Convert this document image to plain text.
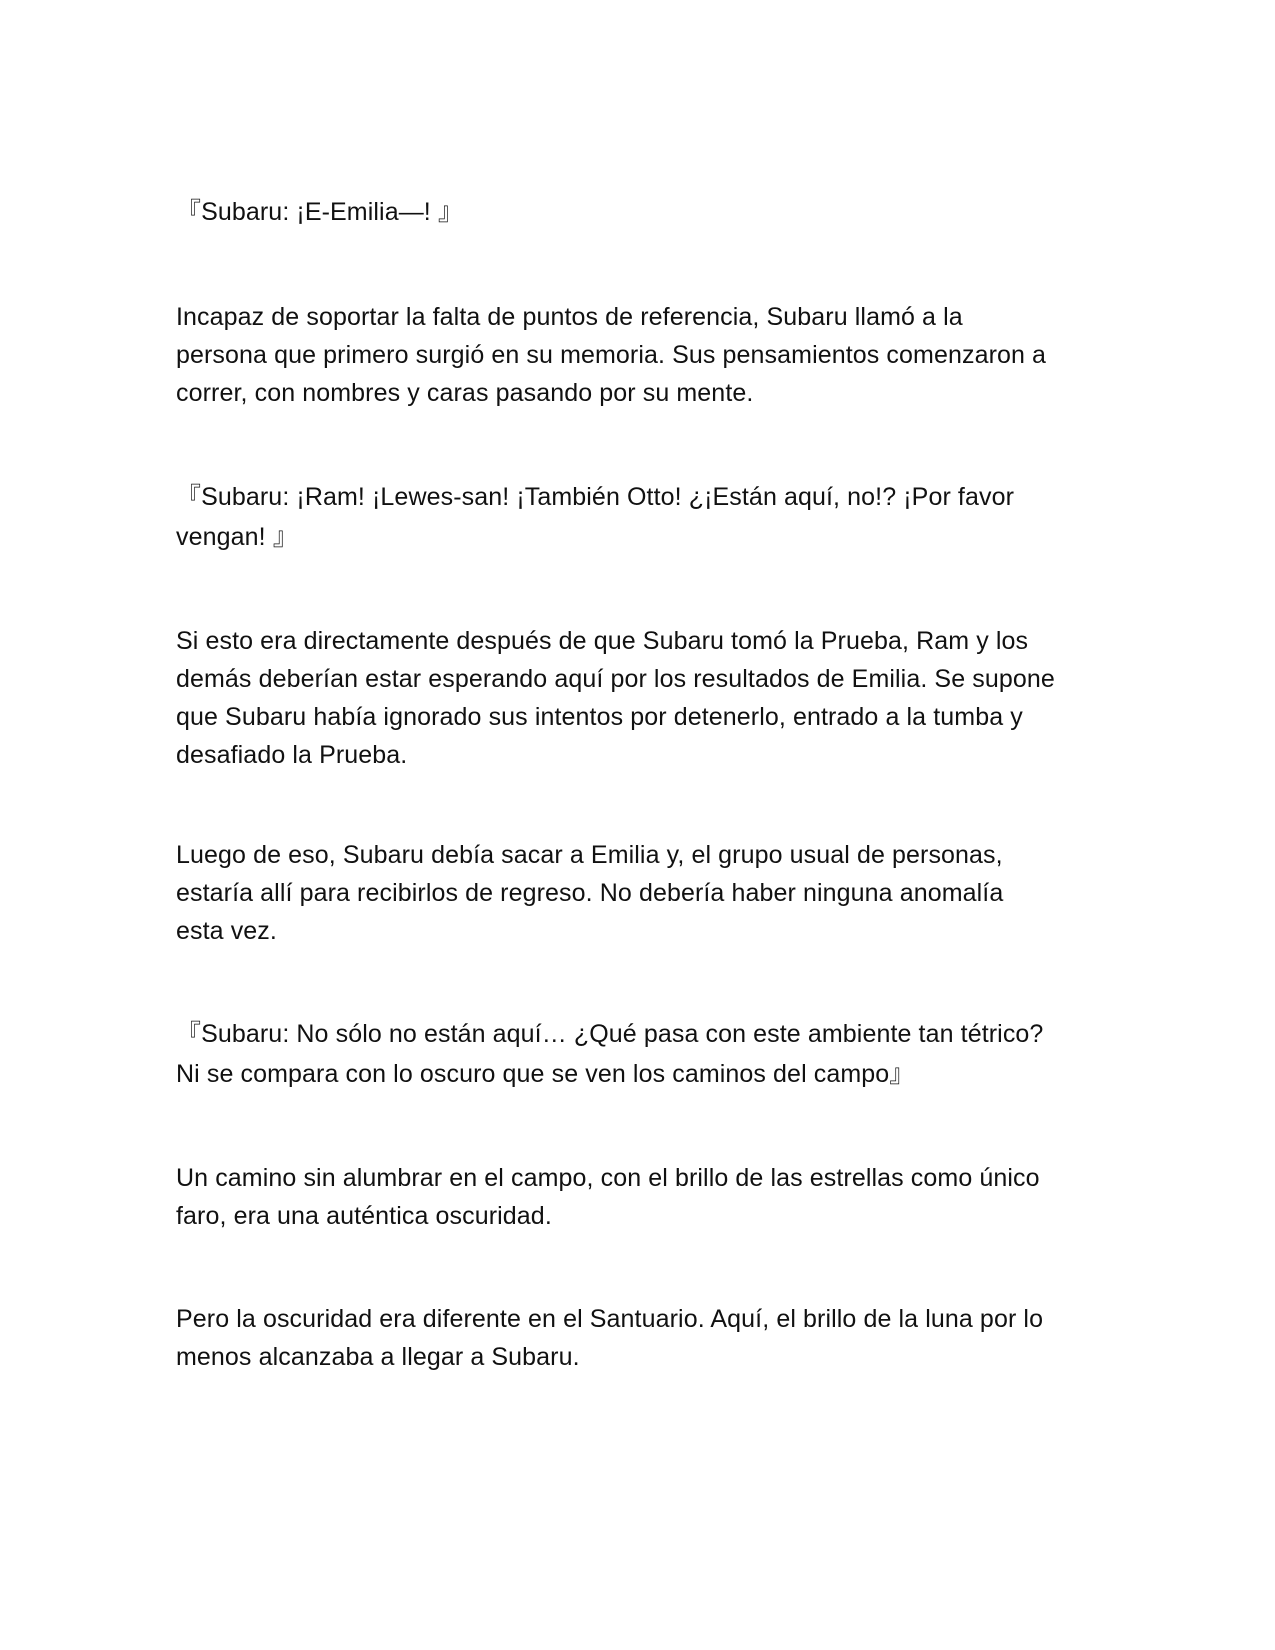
『Subaru: ¡E-Emilia—! 』

Incapaz de soportar la falta de puntos de referencia, Subaru llamó a la
persona que primero surgió en su memoria. Sus pensamientos comenzaron a
correr, con nombres y caras pasando por su mente.

『Subaru: ¡Ram! ¡Lewes-san! ¡También Otto! ¿¡Están aquí, no!? ¡Por favor
vengan! 』

Si esto era directamente después de que Subaru tomó la Prueba, Ram y los
demás deberían estar esperando aquí por los resultados de Emilia. Se supone
que Subaru había ignorado sus intentos por detenerlo, entrado a la tumba y
desafiado la Prueba.

Luego de eso, Subaru debía sacar a Emilia y, el grupo usual de personas,
estaría allí para recibirlos de regreso. No debería haber ninguna anomalía
esta vez.

『Subaru: No sólo no están aquí… ¿Qué pasa con este ambiente tan tétrico?
Ni se compara con lo oscuro que se ven los caminos del campo』

Un camino sin alumbrar en el campo, con el brillo de las estrellas como único
faro, era una auténtica oscuridad.

Pero la oscuridad era diferente en el Santuario. Aquí, el brillo de la luna por lo
menos alcanzaba a llegar a Subaru.
